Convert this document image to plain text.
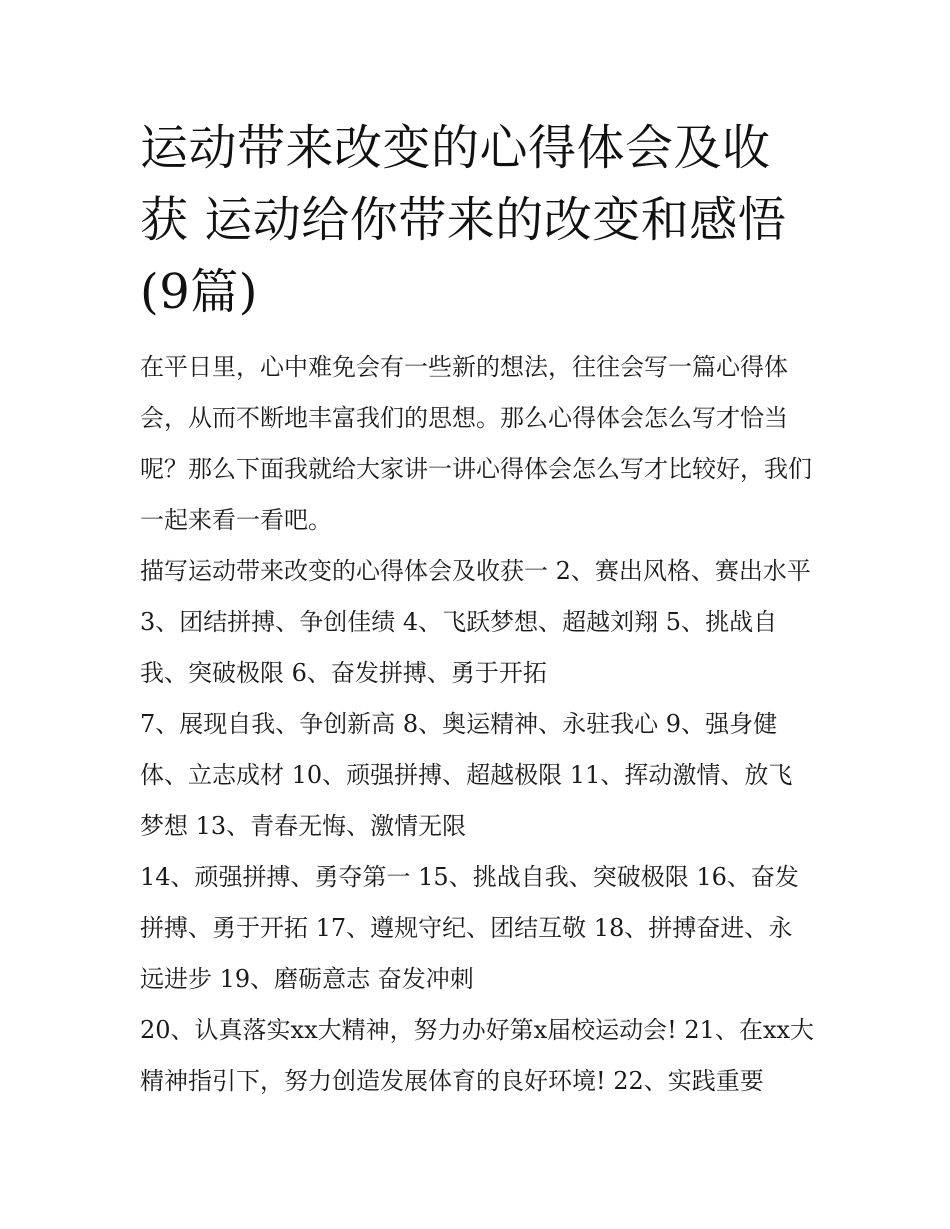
运动带来改变的心得体会及收获 运动给你带来的改变和感悟(9篇)

在平日里，心中难免会有一些新的想法，往往会写一篇心得体会，从而不断地丰富我们的思想。那么心得体会怎么写才恰当呢？那么下面我就给大家讲一讲心得体会怎么写才比较好，我们一起来看一看吧。

描写运动带来改变的心得体会及收获一 2、赛出风格、赛出水平 3、团结拼搏、争创佳绩 4、飞跃梦想、超越刘翔 5、挑战自我、突破极限 6、奋发拼搏、勇于开拓

7、展现自我、争创新高 8、奥运精神、永驻我心 9、强身健体、立志成材 10、顽强拼搏、超越极限 11、挥动激情、放飞梦想 13、青春无悔、激情无限

14、顽强拼搏、勇夺第一 15、挑战自我、突破极限 16、奋发拼搏、勇于开拓 17、遵规守纪、团结互敬 18、拼搏奋进、永远进步 19、磨砺意志 奋发冲刺

20、认真落实xx大精神，努力办好第x届校运动会! 21、在xx大精神指引下，努力创造发展体育的良好环境! 22、实践重要
